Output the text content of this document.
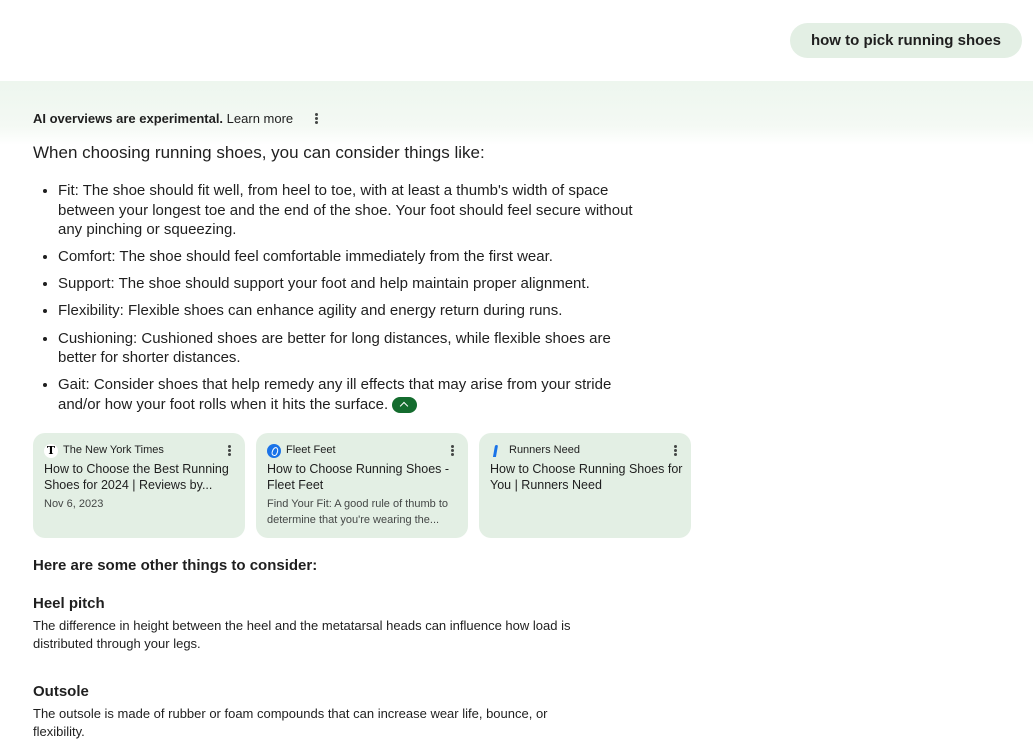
how to pick running shoes
AI overviews are experimental. Learn more
When choosing running shoes, you can consider things like:
• Fit: The shoe should fit well, from heel to toe, with at least a thumb's width of space between your longest toe and the end of the shoe. Your foot should feel secure without any pinching or squeezing.
• Comfort: The shoe should feel comfortable immediately from the first wear.
• Support: The shoe should support your foot and help maintain proper alignment.
• Flexibility: Flexible shoes can enhance agility and energy return during runs.
• Cushioning: Cushioned shoes are better for long distances, while flexible shoes are better for shorter distances.
• Gait: Consider shoes that help remedy any ill effects that may arise from your stride and/or how your foot rolls when it hits the surface.
T The New York Times
How to Choose the Best Running Shoes for 2024 | Reviews by...
Nov 6, 2023
Fleet Feet
How to Choose Running Shoes - Fleet Feet
Find Your Fit: A good rule of thumb to determine that you're wearing the...
Runners Need
How to Choose Running Shoes for You | Runners Need
Here are some other things to consider:
Heel pitch
The difference in height between the heel and the metatarsal heads can influence how load is distributed through your legs.
Outsole
The outsole is made of rubber or foam compounds that can increase wear life, bounce, or flexibility.
